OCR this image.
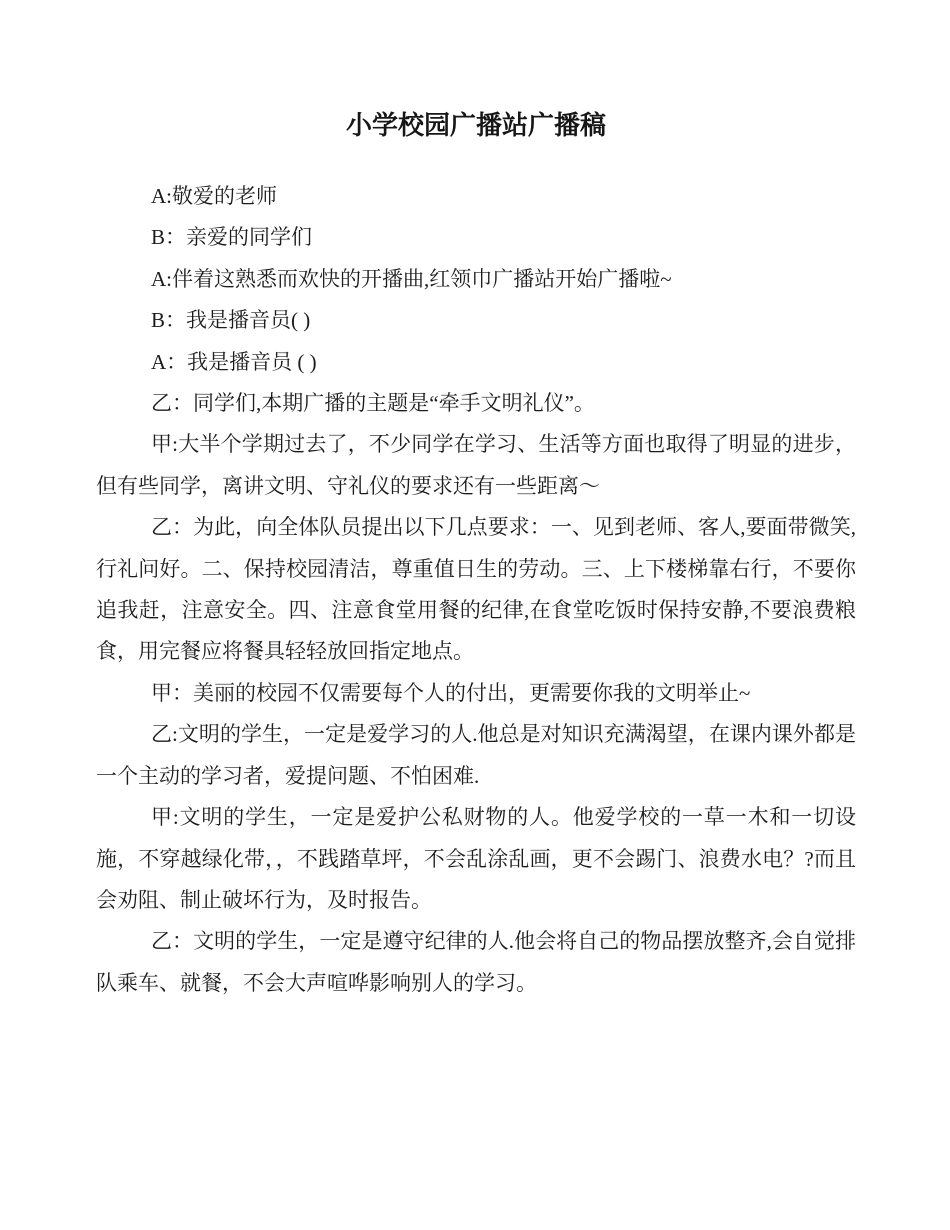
小学校园广播站广播稿

A:敬爱的老师

B：亲爱的同学们

A:伴着这熟悉而欢快的开播曲,红领巾广播站开始广播啦~

B：我是播音员( )

A：我是播音员 ( )

乙：同学们,本期广播的主题是“牵手文明礼仪”。

甲:大半个学期过去了，不少同学在学习、生活等方面也取得了明显的进步，但有些同学，离讲文明、守礼仪的要求还有一些距离～

乙：为此，向全体队员提出以下几点要求：一、见到老师、客人,要面带微笑,行礼问好。二、保持校园清洁，尊重值日生的劳动。三、上下楼梯靠右行，不要你追我赶，注意安全。四、注意食堂用餐的纪律,在食堂吃饭时保持安静,不要浪费粮食，用完餐应将餐具轻轻放回指定地点。

甲：美丽的校园不仅需要每个人的付出，更需要你我的文明举止~

乙:文明的学生，一定是爱学习的人.他总是对知识充满渴望，在课内课外都是一个主动的学习者，爱提问题、不怕困难.

甲:文明的学生，一定是爱护公私财物的人。他爱学校的一草一木和一切设施，不穿越绿化带，，不践踏草坪，不会乱涂乱画，更不会踢门、浪费水电？?而且会劝阻、制止破坏行为，及时报告。

乙：文明的学生，一定是遵守纪律的人.他会将自己的物品摆放整齐,会自觉排队乘车、就餐，不会大声喧哗影响别人的学习。
